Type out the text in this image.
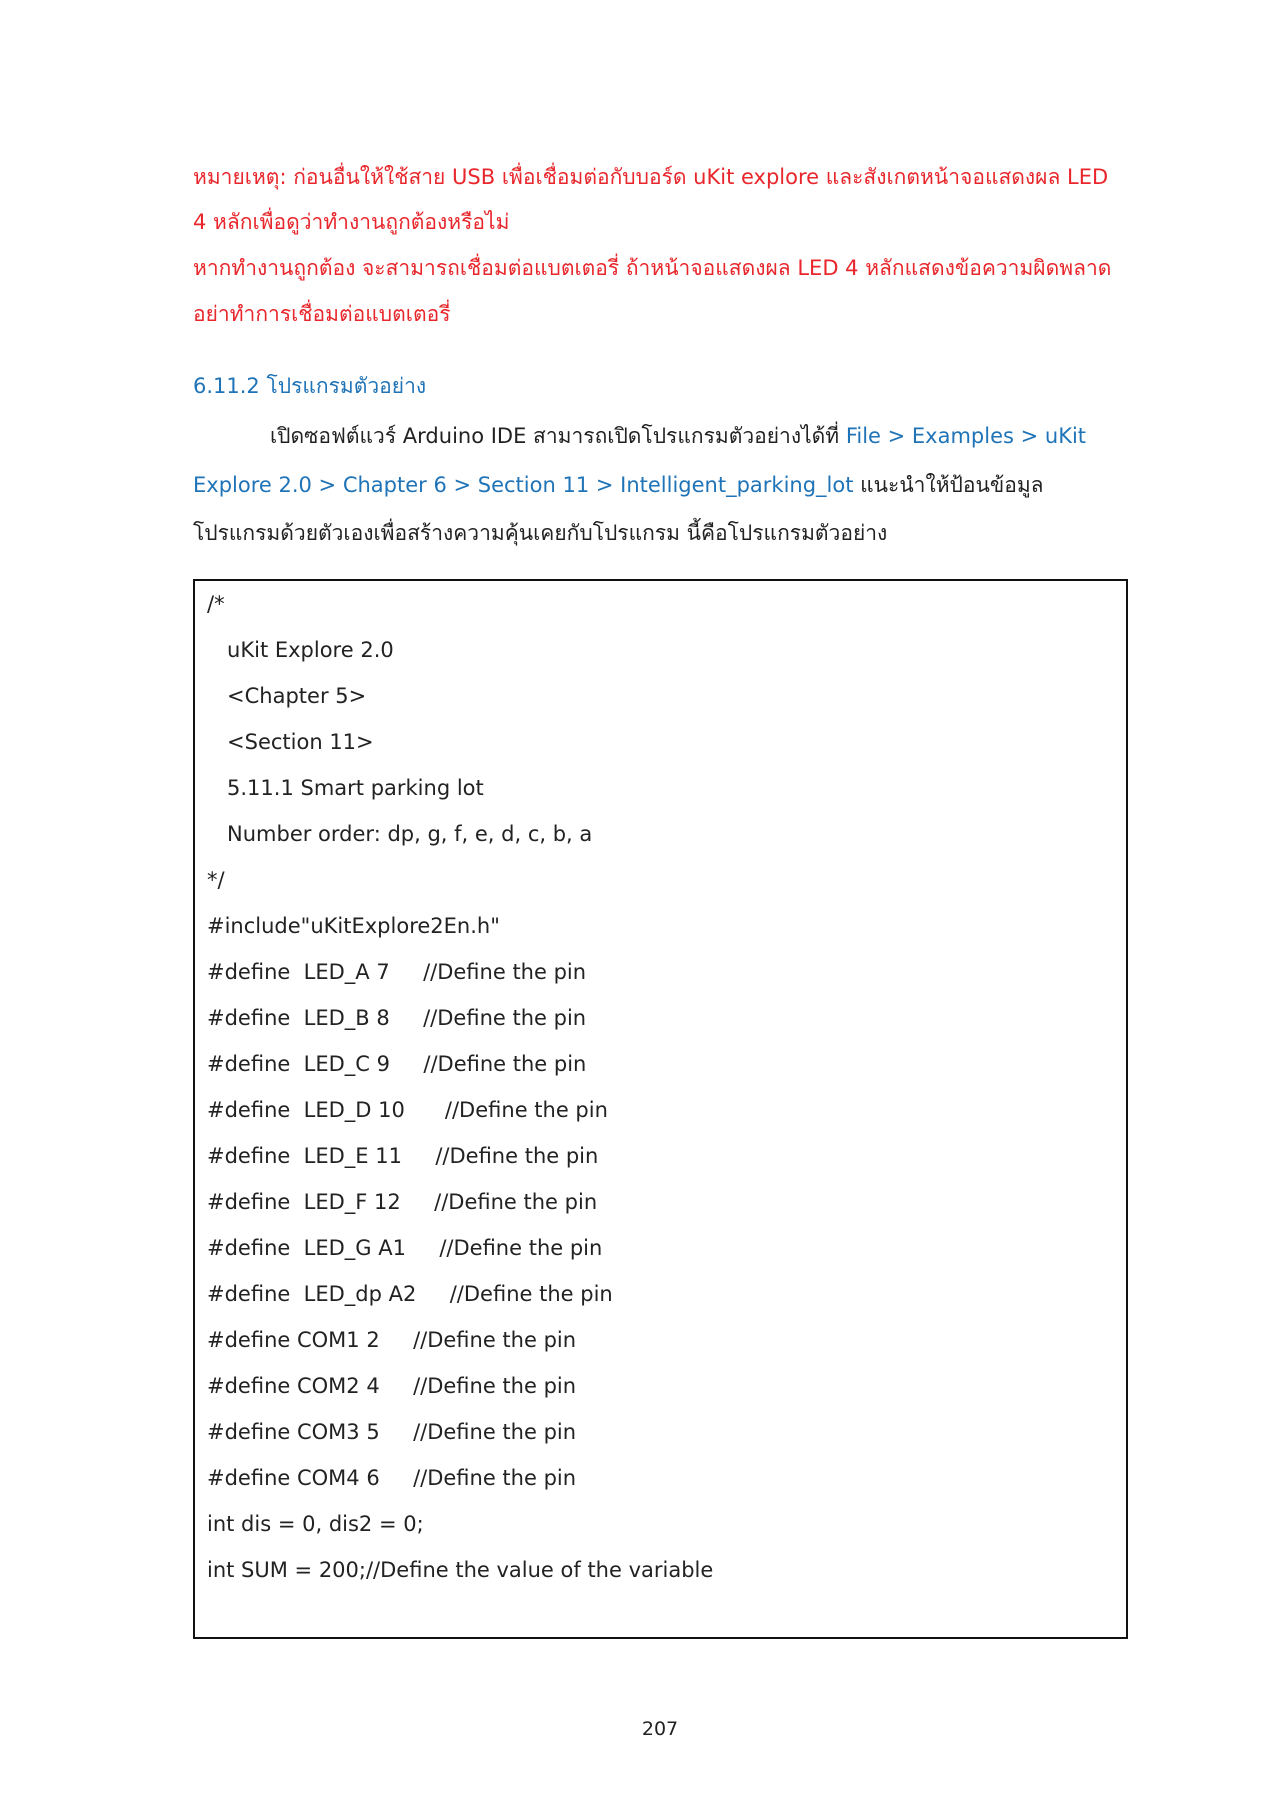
หมายเหตุ: ก่อนอื่นให้ใช้สาย USB เพื่อเชื่อมต่อกับบอร์ด uKit explore และสังเกตหน้าจอแสดงผล LED
4 หลักเพื่อดูว่าทำงานถูกต้องหรือไม่
หากทำงานถูกต้อง จะสามารถเชื่อมต่อแบตเตอรี่ ถ้าหน้าจอแสดงผล LED 4 หลักแสดงข้อความผิดพลาด
อย่าทำการเชื่อมต่อแบตเตอรี่
6.11.2 โปรแกรมตัวอย่าง
เปิดซอฟต์แวร์ Arduino IDE สามารถเปิดโปรแกรมตัวอย่างได้ที่ File > Examples > uKit
Explore 2.0 > Chapter 6 > Section 11 > Intelligent_parking_lot แนะนำให้ป้อนข้อมูล
โปรแกรมด้วยตัวเองเพื่อสร้างความคุ้นเคยกับโปรแกรม นี้คือโปรแกรมตัวอย่าง
/*
uKit Explore 2.0
<Chapter 5>
<Section 11>
5.11.1 Smart parking lot
Number order: dp, g, f, e, d, c, b, a
*/
#include"uKitExplore2En.h"
#define  LED_A 7     //Define the pin
#define  LED_B 8     //Define the pin
#define  LED_C 9     //Define the pin
#define  LED_D 10      //Define the pin
#define  LED_E 11     //Define the pin
#define  LED_F 12     //Define the pin
#define  LED_G A1     //Define the pin
#define  LED_dp A2     //Define the pin
#define COM1 2     //Define the pin
#define COM2 4     //Define the pin
#define COM3 5     //Define the pin
#define COM4 6     //Define the pin
int dis = 0, dis2 = 0;
int SUM = 200;//Define the value of the variable
207
